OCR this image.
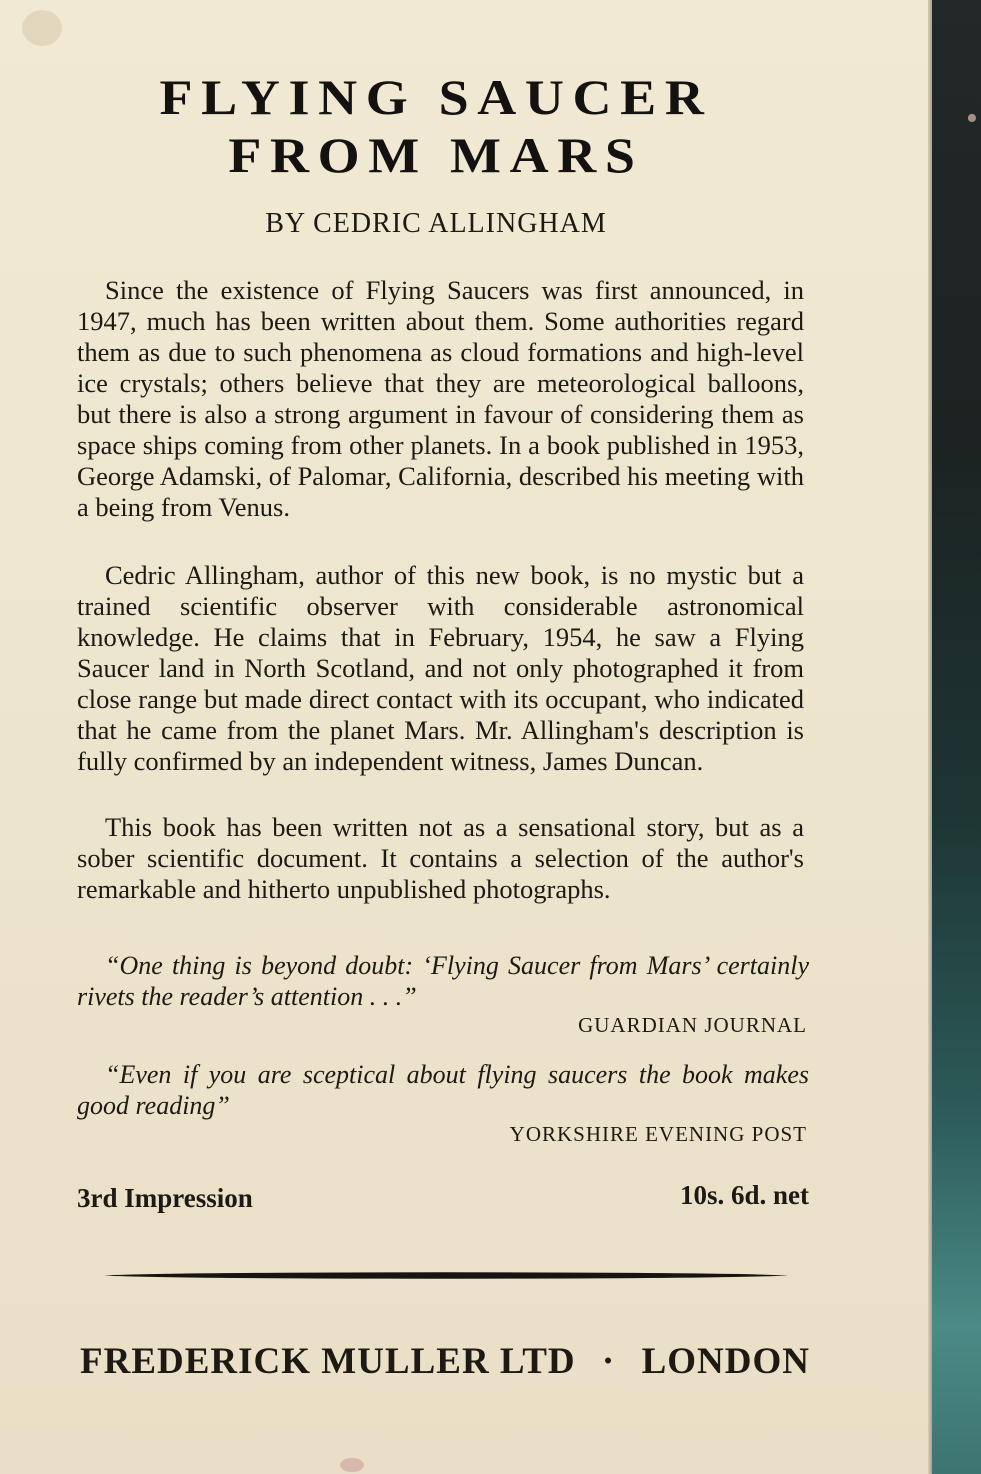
•
FLYING SAUCER
FROM MARS
BY CEDRIC ALLINGHAM

Since the existence of Flying Saucers was first announced, in 1947, much has been written about them. Some authorities regard them as due to such phenomena as cloud formations and high-level ice crystals; others believe that they are meteorological balloons, but there is also a strong argument in favour of considering them as space ships coming from other planets. In a book published in 1953, George Adamski, of Palomar, California, described his meeting with a being from Venus.

Cedric Allingham, author of this new book, is no mystic but a trained scientific observer with considerable astronomical knowledge. He claims that in February, 1954, he saw a Flying Saucer land in North Scotland, and not only photographed it from close range but made direct contact with its occupant, who indicated that he came from the planet Mars. Mr. Allingham's description is fully confirmed by an independent witness, James Duncan.

This book has been written not as a sensational story, but as a sober scientific document. It contains a selection of the author's remarkable and hitherto unpublished photographs.

“One thing is beyond doubt: ‘Flying Saucer from Mars’ certainly rivets the reader’s attention . . .”

GUARDIAN JOURNAL

“Even if you are sceptical about flying saucers the book makes good reading”

YORKSHIRE EVENING POST
3rd Impression	10s. 6d. net
FREDERICK MULLER LTD · LONDON
